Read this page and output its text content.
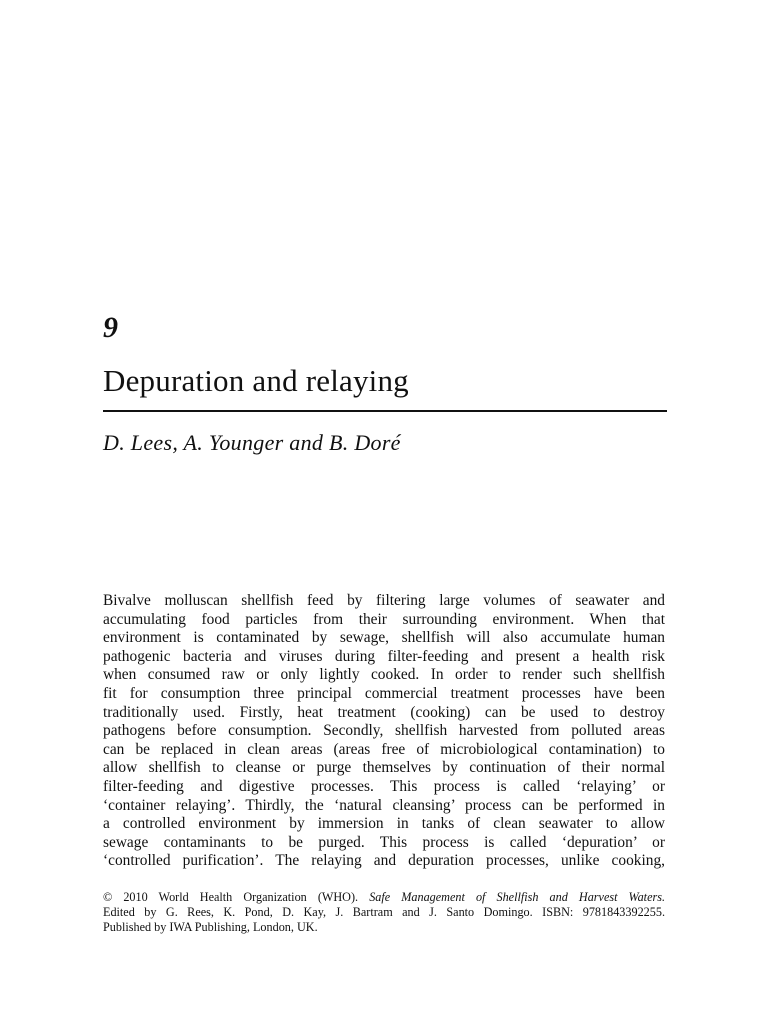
9
Depuration and relaying
D. Lees, A. Younger and B. Doré
Bivalve molluscan shellfish feed by filtering large volumes of seawater and
accumulating food particles from their surrounding environment. When that
environment is contaminated by sewage, shellfish will also accumulate human
pathogenic bacteria and viruses during filter-feeding and present a health risk
when consumed raw or only lightly cooked. In order to render such shellfish
fit for consumption three principal commercial treatment processes have been
traditionally used. Firstly, heat treatment (cooking) can be used to destroy
pathogens before consumption. Secondly, shellfish harvested from polluted areas
can be replaced in clean areas (areas free of microbiological contamination) to
allow shellfish to cleanse or purge themselves by continuation of their normal
filter-feeding and digestive processes. This process is called ‘relaying’ or
‘container relaying’. Thirdly, the ‘natural cleansing’ process can be performed in
a controlled environment by immersion in tanks of clean seawater to allow
sewage contaminants to be purged. This process is called ‘depuration’ or
‘controlled purification’. The relaying and depuration processes, unlike cooking,
© 2010 World Health Organization (WHO). Safe Management of Shellfish and Harvest Waters.
Edited by G. Rees, K. Pond, D. Kay, J. Bartram and J. Santo Domingo. ISBN: 9781843392255.
Published by IWA Publishing, London, UK.
